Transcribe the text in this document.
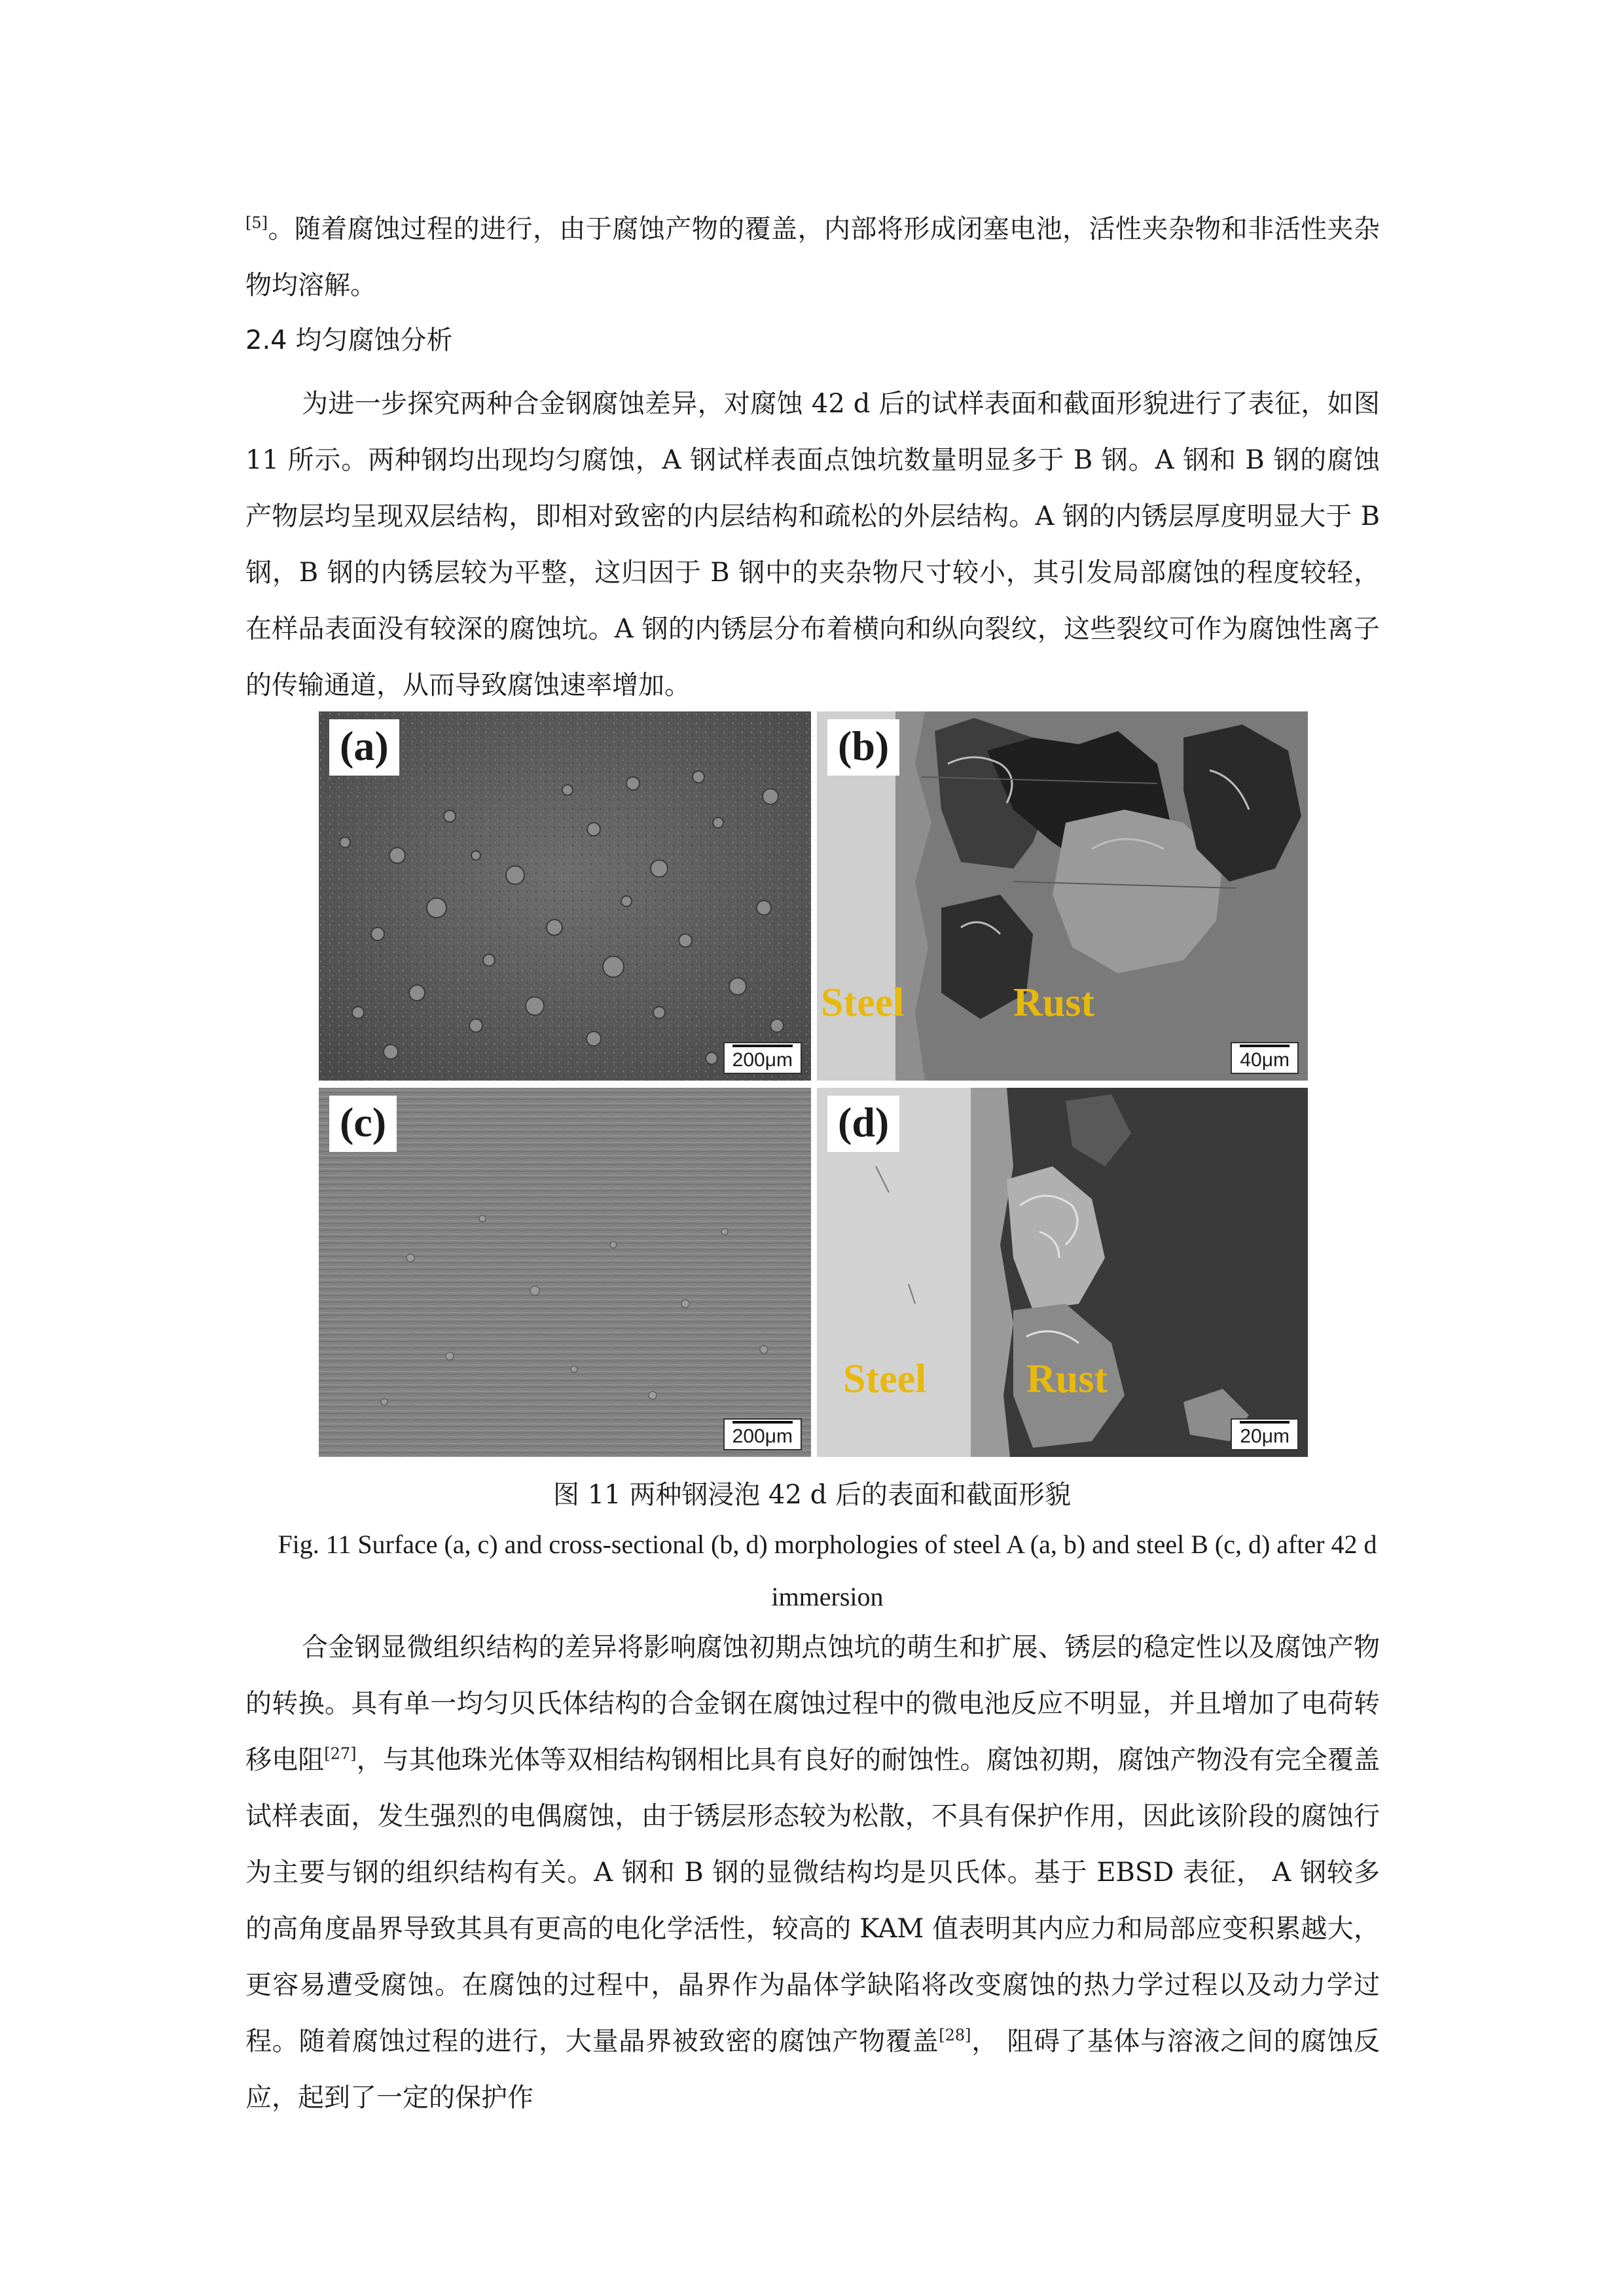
[5]。随着腐蚀过程的进行，由于腐蚀产物的覆盖，内部将形成闭塞电池，活性夹杂物和非活性夹杂物均溶解。

2.4 均匀腐蚀分析

为进一步探究两种合金钢腐蚀差异，对腐蚀 42 d 后的试样表面和截面形貌进行了表征，如图 11 所示。两种钢均出现均匀腐蚀，A 钢试样表面点蚀坑数量明显多于 B 钢。A 钢和 B 钢的腐蚀产物层均呈现双层结构，即相对致密的内层结构和疏松的外层结构。A 钢的内锈层厚度明显大于 B 钢，B 钢的内锈层较为平整，这归因于 B 钢中的夹杂物尺寸较小，其引发局部腐蚀的程度较轻，在样品表面没有较深的腐蚀坑。A 钢的内锈层分布着横向和纵向裂纹，这些裂纹可作为腐蚀性离子的传输通道，从而导致腐蚀速率增加。

(a)
200μm
(b)
Steel	Rust
40μm
(c)
200μm
(d)
Steel Rust
20μm

图 11 两种钢浸泡 42 d 后的表面和截面形貌

Fig. 11 Surface (a, c) and cross-sectional (b, d) morphologies of steel A (a, b) and steel B (c, d) after 42 d immersion

合金钢显微组织结构的差异将影响腐蚀初期点蚀坑的萌生和扩展、锈层的稳定性以及腐蚀产物的转换。具有单一均匀贝氏体结构的合金钢在腐蚀过程中的微电池反应不明显，并且增加了电荷转移电阻[27]，与其他珠光体等双相结构钢相比具有良好的耐蚀性。腐蚀初期，腐蚀产物没有完全覆盖试样表面，发生强烈的电偶腐蚀，由于锈层形态较为松散，不具有保护作用，因此该阶段的腐蚀行为主要与钢的组织结构有关。A 钢和 B 钢的显微结构均是贝氏体。基于 EBSD 表征， A 钢较多的高角度晶界导致其具有更高的电化学活性，较高的 KAM 值表明其内应力和局部应变积累越大，更容易遭受腐蚀。在腐蚀的过程中，晶界作为晶体学缺陷将改变腐蚀的热力学过程以及动力学过程。随着腐蚀过程的进行，大量晶界被致密的腐蚀产物覆盖[28]， 阻碍了基体与溶液之间的腐蚀反应，起到了一定的保护作
